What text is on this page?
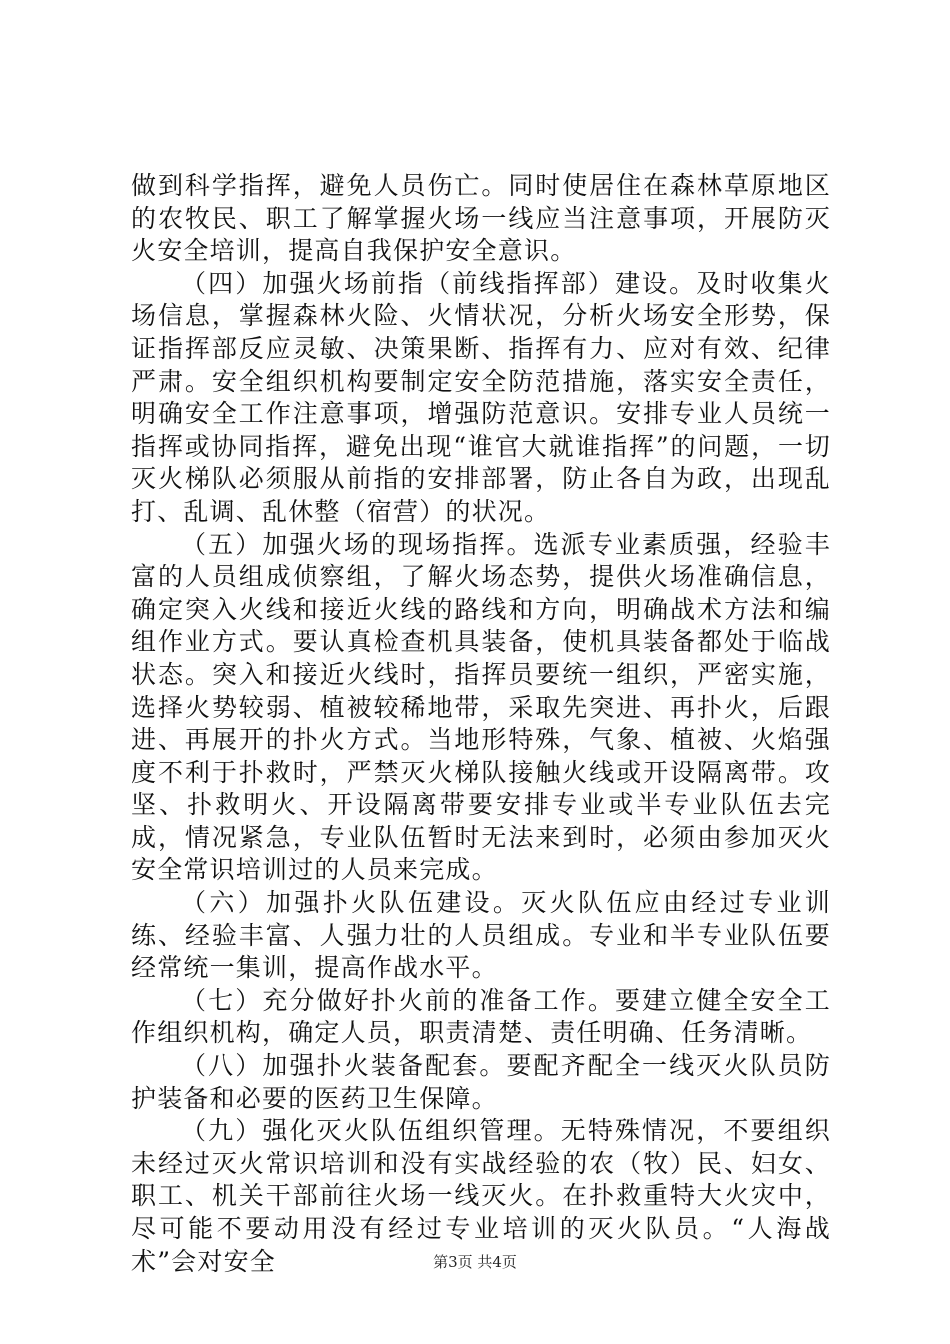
做到科学指挥，避免人员伤亡。同时使居住在森林草原地区的农牧民、职工了解掌握火场一线应当注意事项，开展防灭火安全培训，提高自我保护安全意识。

（四）加强火场前指（前线指挥部）建设。及时收集火场信息，掌握森林火险、火情状况，分析火场安全形势，保证指挥部反应灵敏、决策果断、指挥有力、应对有效、纪律严肃。安全组织机构要制定安全防范措施，落实安全责任，明确安全工作注意事项，增强防范意识。安排专业人员统一指挥或协同指挥，避免出现“谁官大就谁指挥”的问题，一切灭火梯队必须服从前指的安排部署，防止各自为政，出现乱打、乱调、乱休整（宿营）的状况。

（五）加强火场的现场指挥。选派专业素质强，经验丰富的人员组成侦察组，了解火场态势，提供火场准确信息，确定突入火线和接近火线的路线和方向，明确战术方法和编组作业方式。要认真检查机具装备，使机具装备都处于临战状态。突入和接近火线时，指挥员要统一组织，严密实施，选择火势较弱、植被较稀地带，采取先突进、再扑火，后跟进、再展开的扑火方式。当地形特殊，气象、植被、火焰强度不利于扑救时，严禁灭火梯队接触火线或开设隔离带。攻坚、扑救明火、开设隔离带要安排专业或半专业队伍去完成，情况紧急，专业队伍暂时无法来到时，必须由参加灭火安全常识培训过的人员来完成。

（六）加强扑火队伍建设。灭火队伍应由经过专业训练、经验丰富、人强力壮的人员组成。专业和半专业队伍要经常统一集训，提高作战水平。

（七）充分做好扑火前的准备工作。要建立健全安全工作组织机构，确定人员，职责清楚、责任明确、任务清晰。

（八）加强扑火装备配套。要配齐配全一线灭火队员防护装备和必要的医药卫生保障。

（九）强化灭火队伍组织管理。无特殊情况，不要组织未经过灭火常识培训和没有实战经验的农（牧）民、妇女、职工、机关干部前往火场一线灭火。在扑救重特大火灾中，尽可能不要动用没有经过专业培训的灭火队员。“人海战术”会对安全	第3页 共4页
